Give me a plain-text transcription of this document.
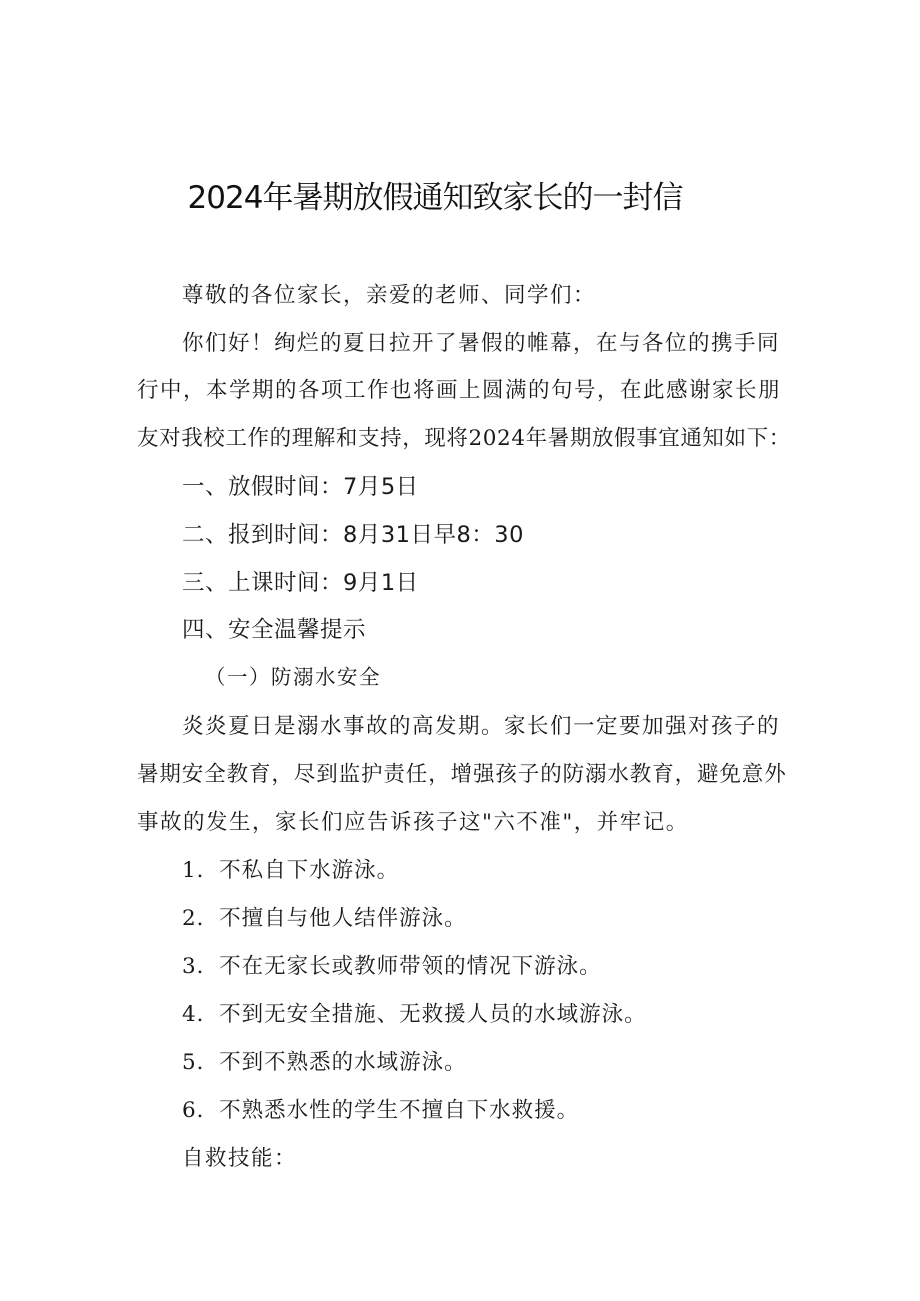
2024年暑期放假通知致家长的一封信
尊敬的各位家长，亲爱的老师、同学们：
你们好！绚烂的夏日拉开了暑假的帷幕，在与各位的携手同
行中，本学期的各项工作也将画上圆满的句号，在此感谢家长朋
友对我校工作的理解和支持，现将2024年暑期放假事宜通知如下：
一、放假时间：7月5日
二、报到时间：8月31日早8：30
三、上课时间：9月1日
四、安全温馨提示
（一）防溺水安全
炎炎夏日是溺水事故的高发期。家长们一定要加强对孩子的
暑期安全教育，尽到监护责任，增强孩子的防溺水教育，避免意外
事故的发生，家长们应告诉孩子这"六不准"，并牢记。
1．不私自下水游泳。
2．不擅自与他人结伴游泳。
3．不在无家长或教师带领的情况下游泳。
4．不到无安全措施、无救援人员的水域游泳。
5．不到不熟悉的水域游泳。
6．不熟悉水性的学生不擅自下水救援。
自救技能：
